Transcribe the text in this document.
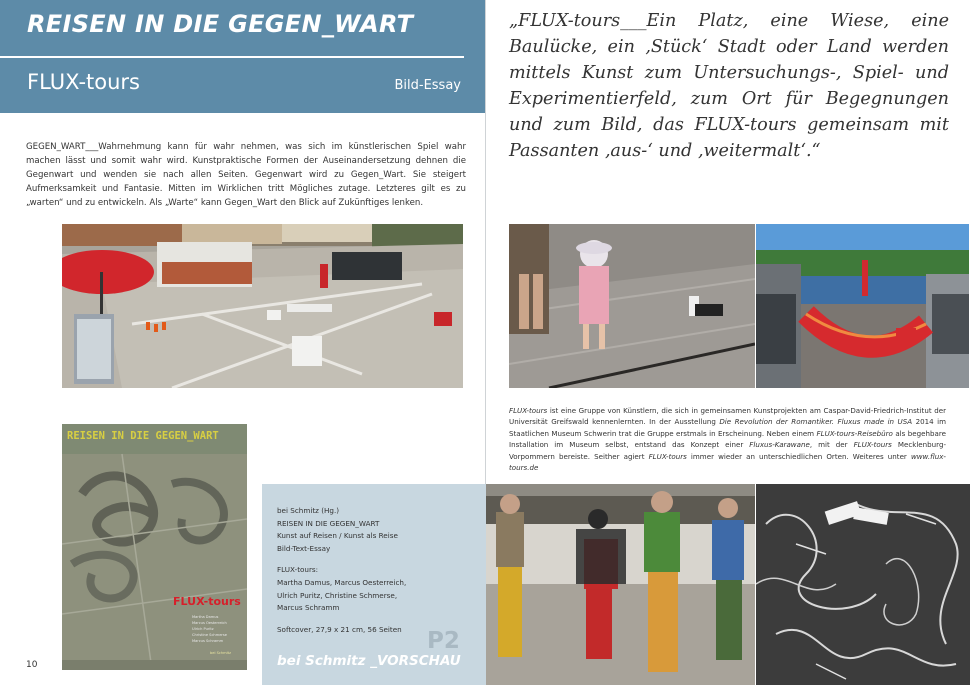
REISEN IN DIE GEGEN_WART
FLUX-tours	Bild-Essay
GEGEN_WART___Wahrnehmung kann für wahr nehmen, was sich im künstlerischen Spiel wahr machen lässt und somit wahr wird. Kunstpraktische Formen der Auseinandersetzung dehnen die Gegenwart und wenden sie nach allen Seiten. Gegenwart wird zu Gegen_Wart. Sie steigert Aufmerksamkeit und Fantasie. Mitten im Wirklichen tritt Mögliches zutage. Letzteres gilt es zu „warten“ und zu entwickeln. Als „Warte“ kann Gegen_Wart den Blick auf Zukünftiges lenken.
REISEN IN DIE GEGEN_WART
FLUX-tours
Martha Damus
Marcus Oesterreich
Ulrich Puritz
Christine Schmerse
Marcus Schramm
bei Schmitz
10
bei Schmitz (Hg.)
REISEN IN DIE GEGEN_WART
Kunst auf Reisen / Kunst als Reise
Bild-Text-Essay
FLUX-tours:
Martha Damus, Marcus Oesterreich,
Ulrich Puritz, Christine Schmerse,
Marcus Schramm
Softcover, 27,9 x 21 cm, 56 Seiten P2
bei Schmitz _VORSCHAU
„FLUX-tours___Ein Platz, eine Wiese, eine Baulücke, ein ‚Stück‘ Stadt oder Land werden mittels Kunst zum Untersuchungs-, Spiel- und Experimentierfeld, zum Ort für Begegnungen und zum Bild, das FLUX-tours gemeinsam mit Passanten ‚aus-‘ und ‚weitermalt‘.“
FLUX-tours ist eine Gruppe von Künstlern, die sich in gemeinsamen Kunstprojekten am Caspar-David-Friedrich-Institut der Universität Greifswald kennenlernten. In der Ausstellung Die Revolution der Romantiker. Fluxus made in USA 2014 im Staatlichen Museum Schwerin trat die Gruppe erstmals in Erscheinung. Neben einem FLUX-tours-Reisebüro als begehbare Installation im Museum selbst, entstand das Konzept einer Fluxus-Karawane, mit der FLUX-tours Mecklenburg-Vorpommern bereiste. Seither agiert FLUX-tours immer wieder an unterschiedlichen Orten. Weiteres unter www.flux-tours.de
